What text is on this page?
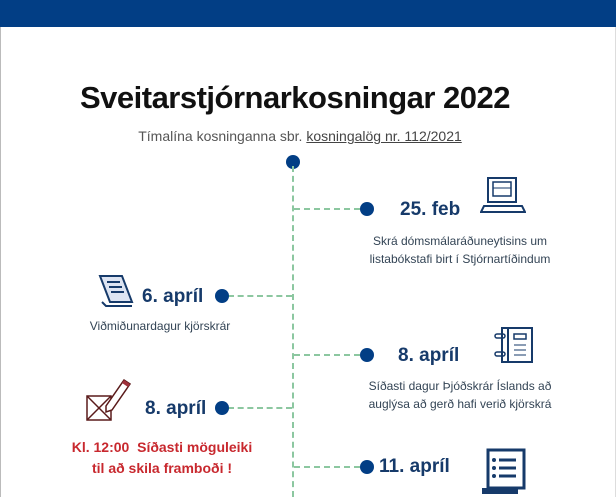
Sveitarstjórnarkosningar 2022
Tímalína kosninganna sbr. kosningalög nr. 112/2021
25. feb
Skrá dómsmálaráðuneytisins um
listabókstafi birt í Stjórnartíðindum
6. apríl
Viðmiðunardagur kjörskrár
8. apríl
Síðasti dagur Þjóðskrár Íslands að
auglýsa að gerð hafi verið kjörskrá
8. apríl
Kl. 12:00  Síðasti möguleiki
til að skila framboði !	11. apríl
